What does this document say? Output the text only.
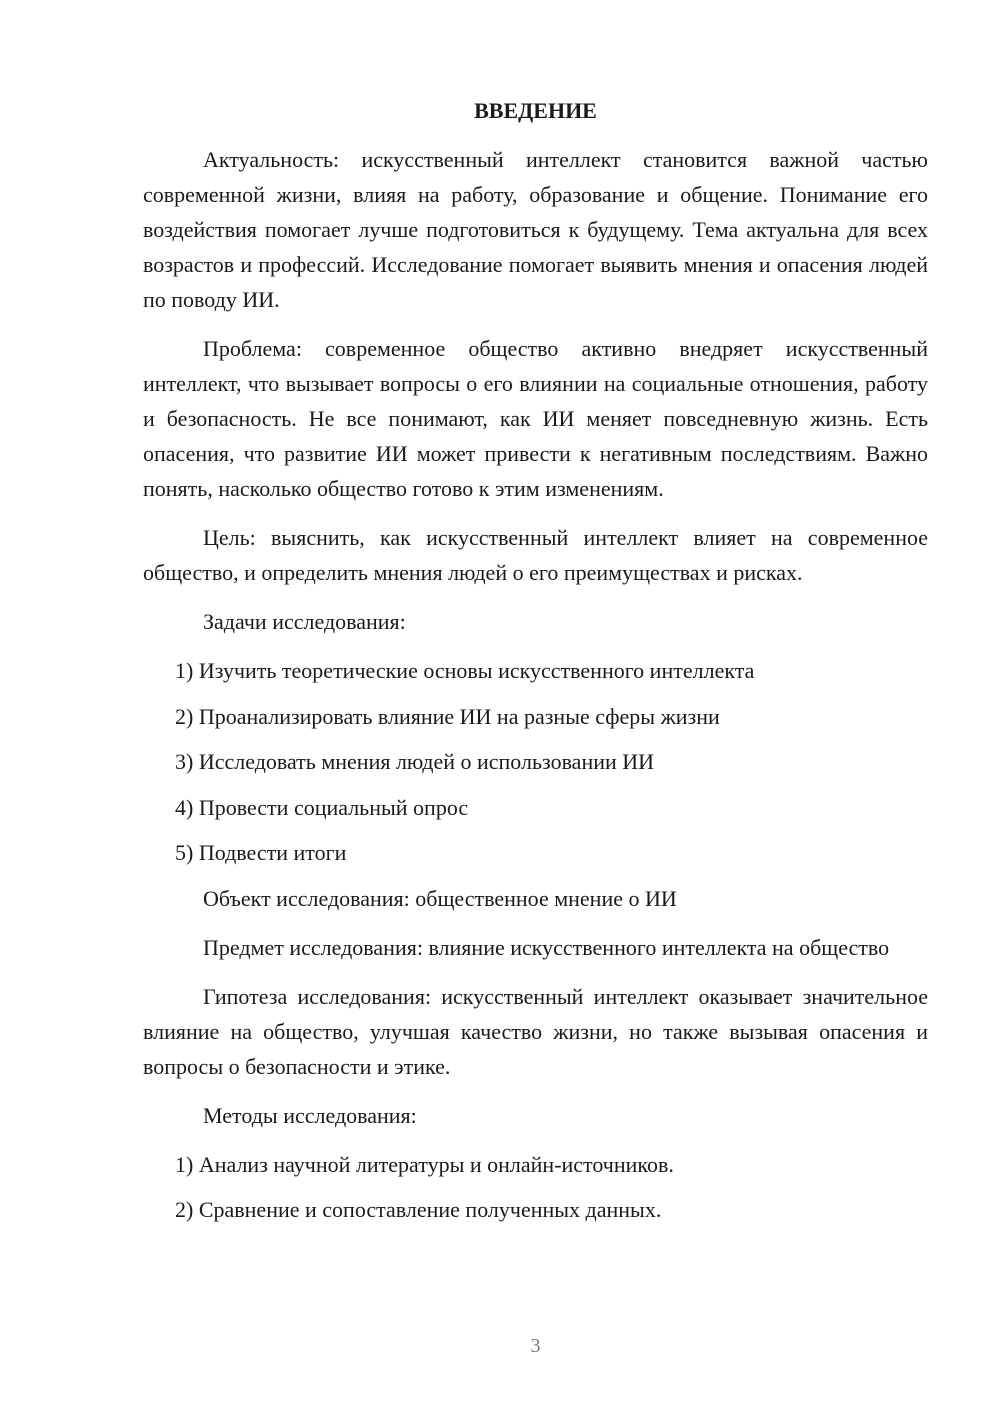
ВВЕДЕНИЕ

Актуальность: искусственный интеллект становится важной частью современной жизни, влияя на работу, образование и общение. Понимание его воздействия помогает лучше подготовиться к будущему. Тема актуальна для всех возрастов и профессий. Исследование помогает выявить мнения и опасения людей по поводу ИИ.

Проблема: современное общество активно внедряет искусственный интеллект, что вызывает вопросы о его влиянии на социальные отношения, работу и безопасность. Не все понимают, как ИИ меняет повседневную жизнь. Есть опасения, что развитие ИИ может привести к негативным последствиям. Важно понять, насколько общество готово к этим изменениям.

Цель: выяснить, как искусственный интеллект влияет на современное общество, и определить мнения людей о его преимуществах и рисках.

Задачи исследования:

1) Изучить теоретические основы искусственного интеллекта
2) Проанализировать влияние ИИ на разные сферы жизни
3) Исследовать мнения людей о использовании ИИ
4) Провести социальный опрос
5) Подвести итоги

Объект исследования: общественное мнение о ИИ

Предмет исследования: влияние искусственного интеллекта на общество

Гипотеза исследования: искусственный интеллект оказывает значительное влияние на общество, улучшая качество жизни, но также вызывая опасения и вопросы о безопасности и этике.

Методы исследования:

1) Анализ научной литературы и онлайн-источников.
2) Сравнение и сопоставление полученных данных.
3
